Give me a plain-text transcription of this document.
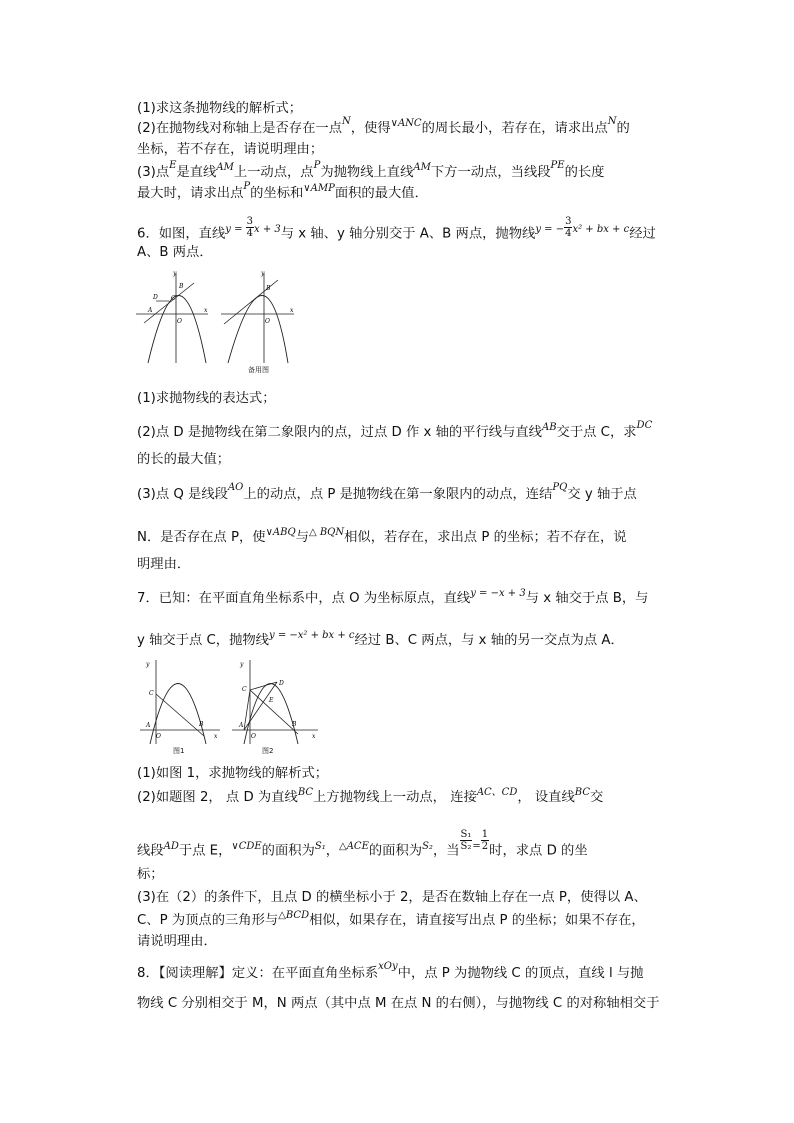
(1)求这条抛物线的解析式；
(2)在抛物线对称轴上是否存在一点$^N$，使得$^{\vee ANC}$的周长最小，若存在，请求出点$^N$的
坐标，若不存在，请说明理由；
(3)点$^E$是直线$^{AM}$上一动点，点$^P$为抛物线上直线$^{AM}$下方一动点，当线段$^{PE}$的长度
最大时，请求出点$^P$的坐标和$^{\vee AMP}$面积的最大值．
6．如图，直线$^{y =} \frac{3}{4} ^{x + 3}$与 x 轴、y 轴分别交于 A、B 两点，抛物线$^{y = -} \frac{3}{4} ^{x^2 + bx + c}$经过
A、B 两点．
y
x
O
A
B
D C
y
x
O
B
备用图
(1)求抛物线的表达式；
(2)点 D 是抛物线在第二象限内的点，过点 D 作 x 轴的平行线与直线$^{AB}$交于点 C，求$^{DC}$
的长的最大值；
(3)点 Q 是线段$^{AO}$上的动点，点 P 是抛物线在第一象限内的动点，连结$^{PQ}$交 y 轴于点
N．是否存在点 P，使$^{\vee ABQ}$与$^{\triangle BQN}$相似，若存在，求出点 P 的坐标；若不存在，说
明理由．
7．已知：在平面直角坐标系中，点 O 为坐标原点，直线$^{y = -x + 3}$与 x 轴交于点 B，与
y 轴交于点 C，抛物线$^{y = -x^2 + bx + c}$经过 B、C 两点，与 x 轴的另一交点为点 A．
y
x
O
A	B
C
y
x
O
A	B
C
D
E
图1	图2
(1)如图 1，求抛物线的解析式；
(2)如题图 2， 点 D 为直线$^{BC}$上方抛物线上一动点， 连接$^{AC、CD}$， 设直线$^{BC}$交
线段$^{AD}$于点 E，$^{\vee CDE}$的面积为$^{S_1}$，$^{\triangle ACE}$的面积为$^{S_2}$，当 $\frac{\text{S₁}}{\text{S₂}} ^= \frac{1}{2}$ 时，求点 D 的坐
标；
(3)在（2）的条件下，且点 D 的横坐标小于 2，是否在数轴上存在一点 P，使得以 A、
C、P 为顶点的三角形与$^{\triangle BCD}$相似，如果存在，请直接写出点 P 的坐标；如果不存在，
请说明理由．
8．【阅读理解】定义：在平面直角坐标系$^{xOy}$中，点 P 为抛物线 C 的顶点，直线 l 与抛
物线 C 分别相交于 M，N 两点（其中点 M 在点 N 的右侧），与抛物线 C 的对称轴相交于
